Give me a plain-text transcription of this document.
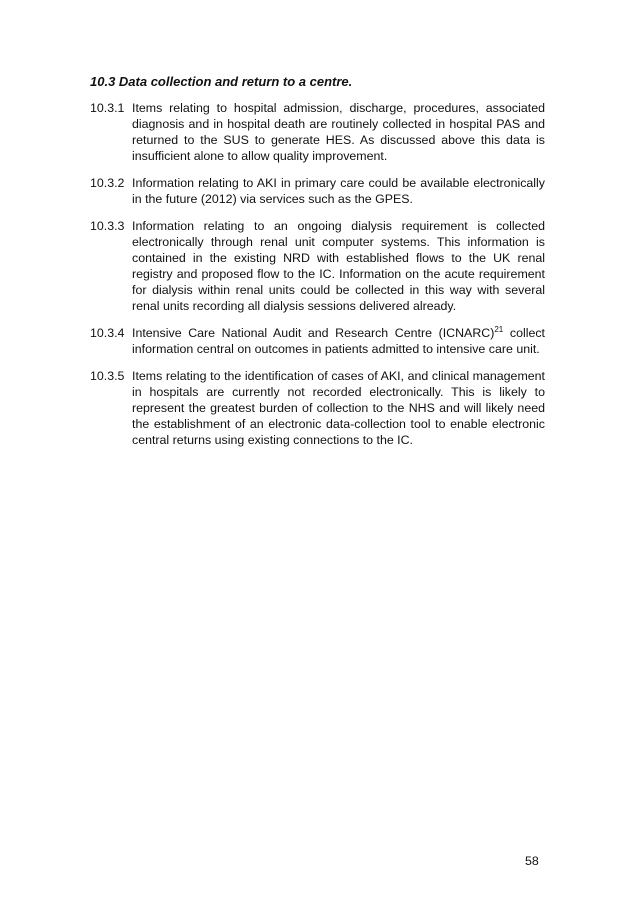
10.3 Data collection and return to a centre.
10.3.1 Items relating to hospital admission, discharge, procedures, associated diagnosis and in hospital death are routinely collected in hospital PAS and returned to the SUS to generate HES. As discussed above this data is insufficient alone to allow quality improvement.
10.3.2 Information relating to AKI in primary care could be available electronically in the future (2012) via services such as the GPES.
10.3.3 Information relating to an ongoing dialysis requirement is collected electronically through renal unit computer systems. This information is contained in the existing NRD with established flows to the UK renal registry and proposed flow to the IC. Information on the acute requirement for dialysis within renal units could be collected in this way with several renal units recording all dialysis sessions delivered already.
10.3.4 Intensive Care National Audit and Research Centre (ICNARC)$^{21}$ collect information central on outcomes in patients admitted to intensive care unit.
10.3.5 Items relating to the identification of cases of AKI, and clinical management in hospitals are currently not recorded electronically. This is likely to represent the greatest burden of collection to the NHS and will likely need the establishment of an electronic data-collection tool to enable electronic central returns using existing connections to the IC.
58
